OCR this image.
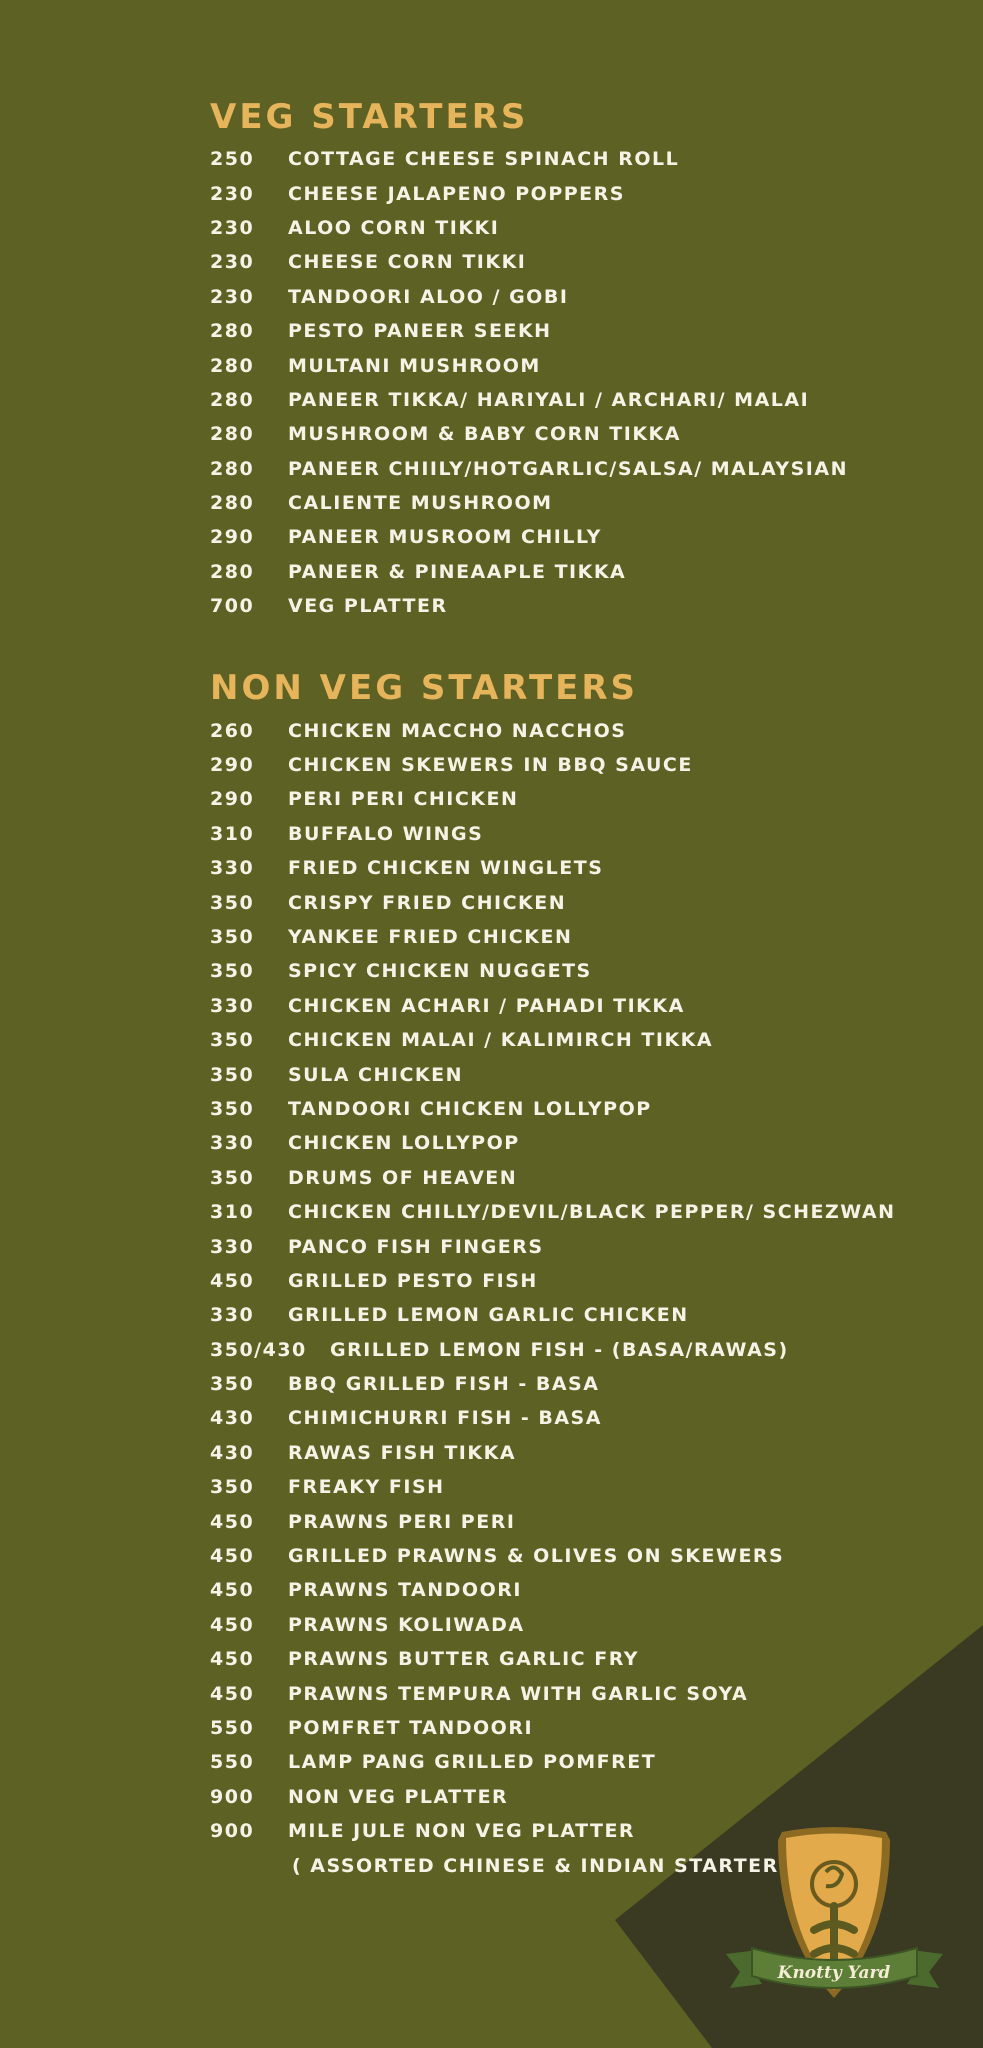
VEG STARTERS
250	COTTAGE CHEESE SPINACH ROLL
230	CHEESE JALAPENO POPPERS
230	ALOO CORN TIKKI
230	CHEESE CORN TIKKI
230	TANDOORI ALOO / GOBI
280	PESTO PANEER SEEKH
280	MULTANI MUSHROOM
280	PANEER TIKKA/ HARIYALI / ARCHARI/ MALAI
280	MUSHROOM & BABY CORN TIKKA
280	PANEER CHIILY/HOTGARLIC/SALSA/ MALAYSIAN
280	CALIENTE MUSHROOM
290	PANEER MUSROOM CHILLY
280	PANEER & PINEAAPLE TIKKA
700	VEG PLATTER
NON VEG STARTERS
260	CHICKEN MACCHO NACCHOS
290	CHICKEN SKEWERS IN BBQ SAUCE
290	PERI PERI CHICKEN
310	BUFFALO WINGS
330	FRIED CHICKEN WINGLETS
350	CRISPY FRIED CHICKEN
350	YANKEE FRIED CHICKEN
350	SPICY CHICKEN NUGGETS
330	CHICKEN ACHARI / PAHADI TIKKA
350	CHICKEN MALAI / KALIMIRCH TIKKA
350	SULA CHICKEN
350	TANDOORI CHICKEN LOLLYPOP
330	CHICKEN LOLLYPOP
350	DRUMS OF HEAVEN
310	CHICKEN CHILLY/DEVIL/BLACK PEPPER/ SCHEZWAN
330	PANCO FISH FINGERS
450	GRILLED PESTO FISH
330	GRILLED LEMON GARLIC CHICKEN
350/430	GRILLED LEMON FISH - (BASA/RAWAS)
350	BBQ GRILLED FISH - BASA
430	CHIMICHURRI FISH - BASA
430	RAWAS FISH TIKKA
350	FREAKY FISH
450	PRAWNS PERI PERI
450	GRILLED PRAWNS & OLIVES ON SKEWERS
450	PRAWNS TANDOORI
450	PRAWNS KOLIWADA
450	PRAWNS BUTTER GARLIC FRY
450	PRAWNS TEMPURA WITH GARLIC SOYA
550	POMFRET TANDOORI
550	LAMP PANG GRILLED POMFRET
900	NON VEG PLATTER
900	MILE JULE NON VEG PLATTER
( ASSORTED CHINESE & INDIAN STARTER
Knotty Yard
